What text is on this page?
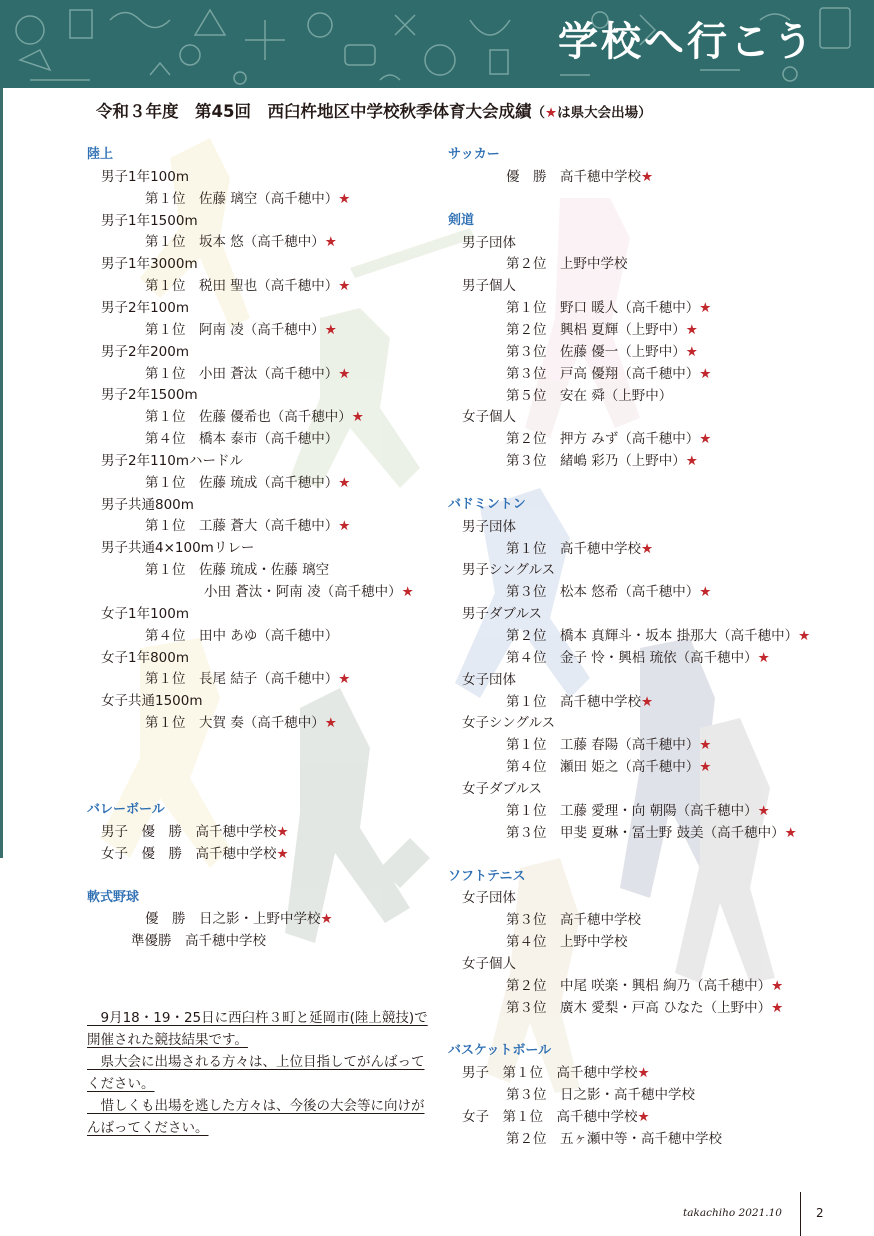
学校へ行こう
令和３年度　第45回　西臼杵地区中学校秋季体育大会成績（★は県大会出場）
陸上
男子1年100m
第１位　佐藤 璃空（高千穂中）★
男子1年1500m
第１位　坂本 悠（高千穂中）★
男子1年3000m
第１位　税田 聖也（高千穂中）★
男子2年100m
第１位　阿南 凌（高千穂中）★
男子2年200m
第１位　小田 蒼汰（高千穂中）★
男子2年1500m
第１位　佐藤 優希也（高千穂中）★
第４位　橋本 泰市（高千穂中）
男子2年110mハードル
第１位　佐藤 琉成（高千穂中）★
男子共通800m
第１位　工藤 蒼大（高千穂中）★
男子共通4×100mリレー
第１位　佐藤 琉成・佐藤 璃空
小田 蒼汰・阿南 凌（高千穂中）★
女子1年100m
第４位　田中 あゆ（高千穂中）
女子1年800m
第１位　長尾 結子（高千穂中）★
女子共通1500m
第１位　大賀 奏（高千穂中）★
バレーボール
男子　優　勝　高千穂中学校★
女子　優　勝　高千穂中学校★
軟式野球
優　勝　日之影・上野中学校★
準優勝　高千穂中学校
サッカー
優　勝　高千穂中学校★
剣道
男子団体
第２位　上野中学校
男子個人
第１位　野口 暖人（高千穂中）★
第２位　興梠 夏輝（上野中）★
第３位　佐藤 優一（上野中）★
第３位　戸高 優翔（高千穂中）★
第５位　安在 舜（上野中）
女子個人
第２位　押方 みず（高千穂中）★
第３位　緒嶋 彩乃（上野中）★
バドミントン
男子団体
第１位　高千穂中学校★
男子シングルス
第３位　松本 悠希（高千穂中）★
男子ダブルス
第２位　橋本 真輝斗・坂本 掛那大（高千穂中）★
第４位　金子 怜・興梠 琉依（高千穂中）★
女子団体
第１位　高千穂中学校★
女子シングルス
第１位　工藤 春陽（高千穂中）★
第４位　瀬田 姫之（高千穂中）★
女子ダブルス
第１位　工藤 愛理・向 朝陽（高千穂中）★
第３位　甲斐 夏琳・冨士野 鼓美（高千穂中）★
ソフトテニス
女子団体
第３位　高千穂中学校
第４位　上野中学校
女子個人
第２位　中尾 咲楽・興梠 絢乃（高千穂中）★
第３位　廣木 愛梨・戸高 ひなた（上野中）★
バスケットボール
男子　第１位　高千穂中学校★
第３位　日之影・高千穂中学校
女子　第１位　高千穂中学校★
第２位　五ヶ瀬中等・高千穂中学校

　9月18・19・25日に西臼杵３町と延岡市(陸上競技)で開催された競技結果です。

　県大会に出場される方々は、上位目指してがんばってください。

　惜しくも出場を逃した方々は、今後の大会等に向けがんばってください。

takachiho 2021.10	2
